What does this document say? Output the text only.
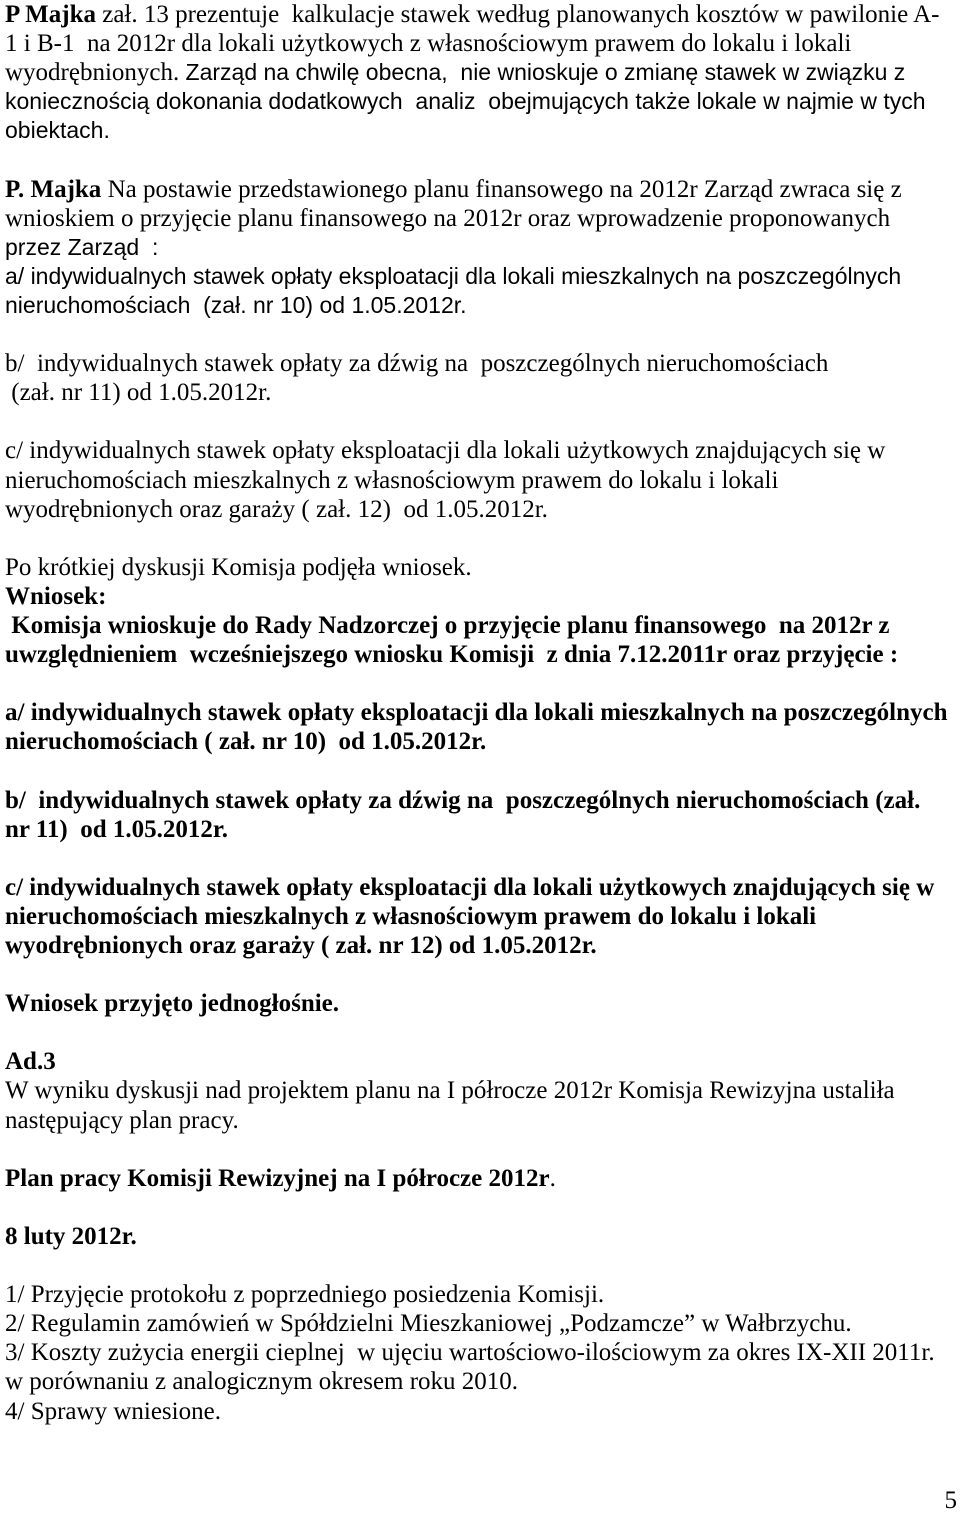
P Majka zał. 13 prezentuje  kalkulacje stawek według planowanych kosztów w pawilonie A-
1 i B-1  na 2012r dla lokali użytkowych z własnościowym prawem do lokalu i lokali
wyodrębnionych. Zarząd na chwilę obecna,  nie wnioskuje o zmianę stawek w związku z
koniecznością dokonania dodatkowych  analiz  obejmujących także lokale w najmie w tych
obiektach.
P. Majka Na postawie przedstawionego planu finansowego na 2012r Zarząd zwraca się z
wnioskiem o przyjęcie planu finansowego na 2012r oraz wprowadzenie proponowanych
przez Zarząd  :
a/ indywidualnych stawek opłaty eksploatacji dla lokali mieszkalnych na poszczególnych
nieruchomościach  (zał. nr 10) od 1.05.2012r.
b/  indywidualnych stawek opłaty za dźwig na  poszczególnych nieruchomościach
(zał. nr 11) od 1.05.2012r.
c/ indywidualnych stawek opłaty eksploatacji dla lokali użytkowych znajdujących się w
nieruchomościach mieszkalnych z własnościowym prawem do lokalu i lokali
wyodrębnionych oraz garaży ( zał. 12)  od 1.05.2012r.
Po krótkiej dyskusji Komisja podjęła wniosek.
Wniosek:
Komisja wnioskuje do Rady Nadzorczej o przyjęcie planu finansowego  na 2012r z
uwzględnieniem  wcześniejszego wniosku Komisji  z dnia 7.12.2011r oraz przyjęcie :
a/ indywidualnych stawek opłaty eksploatacji dla lokali mieszkalnych na poszczególnych
nieruchomościach ( zał. nr 10)  od 1.05.2012r.
b/  indywidualnych stawek opłaty za dźwig na  poszczególnych nieruchomościach (zał.
nr 11)  od 1.05.2012r.
c/ indywidualnych stawek opłaty eksploatacji dla lokali użytkowych znajdujących się w
nieruchomościach mieszkalnych z własnościowym prawem do lokalu i lokali
wyodrębnionych oraz garaży ( zał. nr 12) od 1.05.2012r.
Wniosek przyjęto jednogłośnie.
Ad.3
W wyniku dyskusji nad projektem planu na I półrocze 2012r Komisja Rewizyjna ustaliła
następujący plan pracy.
Plan pracy Komisji Rewizyjnej na I półrocze 2012r.
8 luty 2012r.
1/ Przyjęcie protokołu z poprzedniego posiedzenia Komisji.
2/ Regulamin zamówień w Spółdzielni Mieszkaniowej „Podzamcze” w Wałbrzychu.
3/ Koszty zużycia energii cieplnej  w ujęciu wartościowo-ilościowym za okres IX-XII 2011r.
w porównaniu z analogicznym okresem roku 2010.
4/ Sprawy wniesione.
5
